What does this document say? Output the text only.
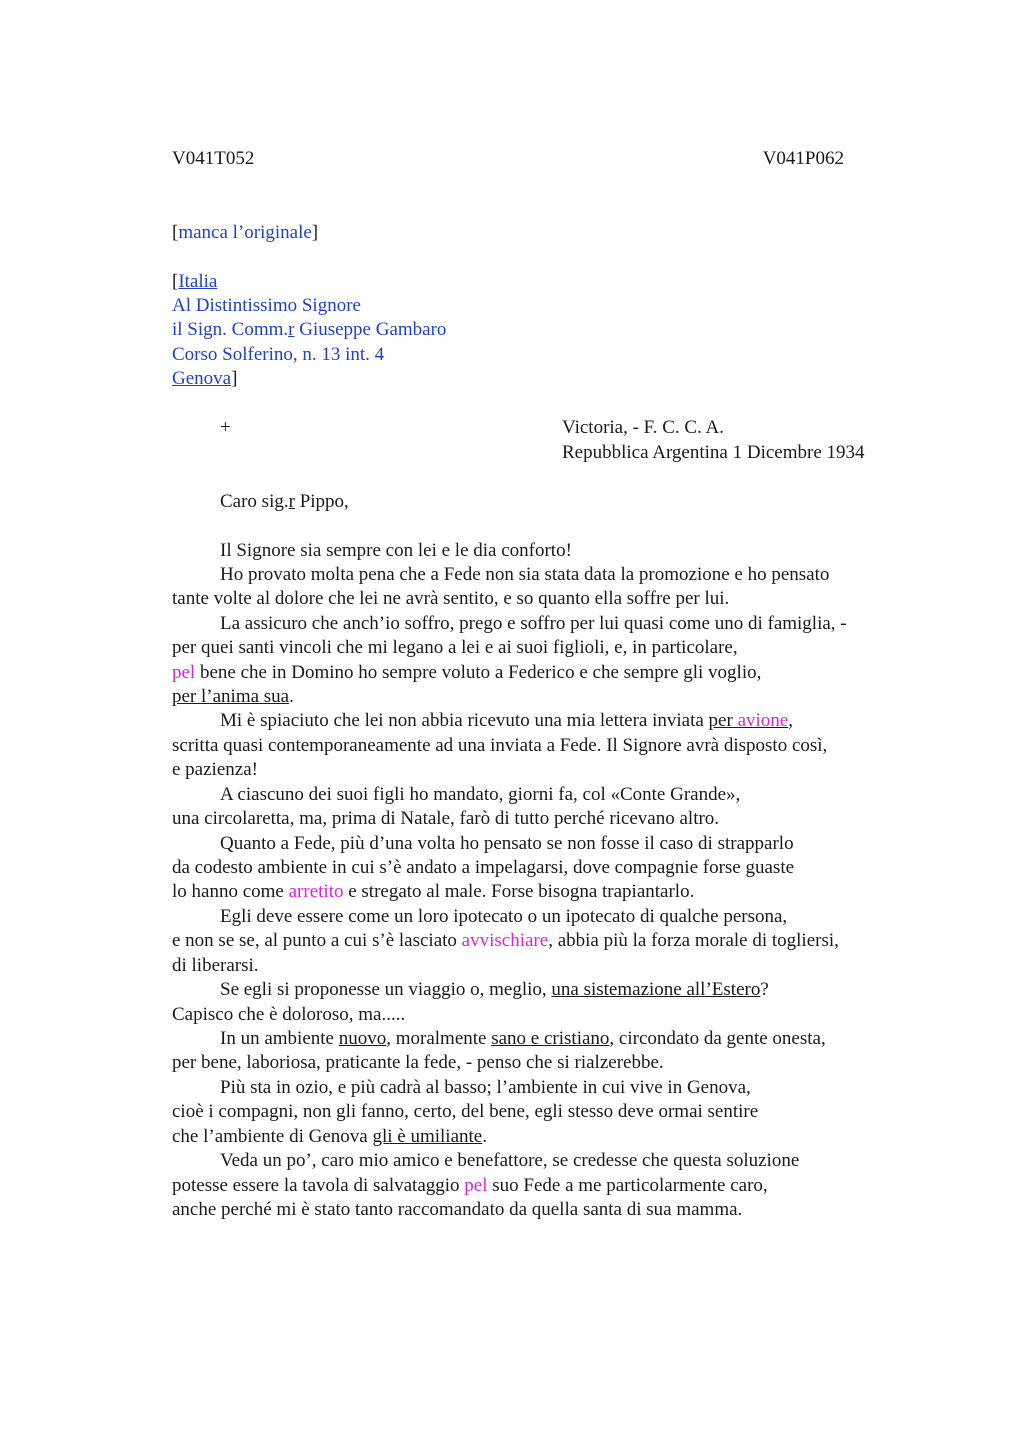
V041T052	V041P062
[manca l’originale]
[Italia
Al Distintissimo Signore
il Sign. Comm.r Giuseppe Gambaro
Corso Solferino, n. 13 int. 4
Genova]
+	Victoria, - F. C. C. A.
Repubblica Argentina 1 Dicembre 1934
Caro sig.r Pippo,
Il Signore sia sempre con lei e le dia conforto!
Ho provato molta pena che a Fede non sia stata data la promozione e ho pensato
tante volte al dolore che lei ne avrà sentito, e so quanto ella soffre per lui.
La assicuro che anch’io soffro, prego e soffro per lui quasi come uno di famiglia, -
per quei santi vincoli che mi legano a lei e ai suoi figlioli, e, in particolare,
pel bene che in Domino ho sempre voluto a Federico e che sempre gli voglio,
per l’anima sua.
Mi è spiaciuto che lei non abbia ricevuto una mia lettera inviata per avione,
scritta quasi contemporaneamente ad una inviata a Fede. Il Signore avrà disposto così,
e pazienza!
A ciascuno dei suoi figli ho mandato, giorni fa, col «Conte Grande»,
una circolaretta, ma, prima di Natale, farò di tutto perché ricevano altro.
Quanto a Fede, più d’una volta ho pensato se non fosse il caso di strapparlo
da codesto ambiente in cui s’è andato a impelagarsi, dove compagnie forse guaste
lo hanno come arretito e stregato al male. Forse bisogna trapiantarlo.
Egli deve essere come un loro ipotecato o un ipotecato di qualche persona,
e non se se, al punto a cui s’è lasciato avvischiare, abbia più la forza morale di togliersi,
di liberarsi.
Se egli si proponesse un viaggio o, meglio, una sistemazione all’Estero?
Capisco che è doloroso, ma.....
In un ambiente nuovo, moralmente sano e cristiano, circondato da gente onesta,
per bene, laboriosa, praticante la fede, - penso che si rialzerebbe.
Più sta in ozio, e più cadrà al basso; l’ambiente in cui vive in Genova,
cioè i compagni, non gli fanno, certo, del bene, egli stesso deve ormai sentire
che l’ambiente di Genova gli è umiliante.
Veda un po’, caro mio amico e benefattore, se credesse che questa soluzione
potesse essere la tavola di salvataggio pel suo Fede a me particolarmente caro,
anche perché mi è stato tanto raccomandato da quella santa di sua mamma.
